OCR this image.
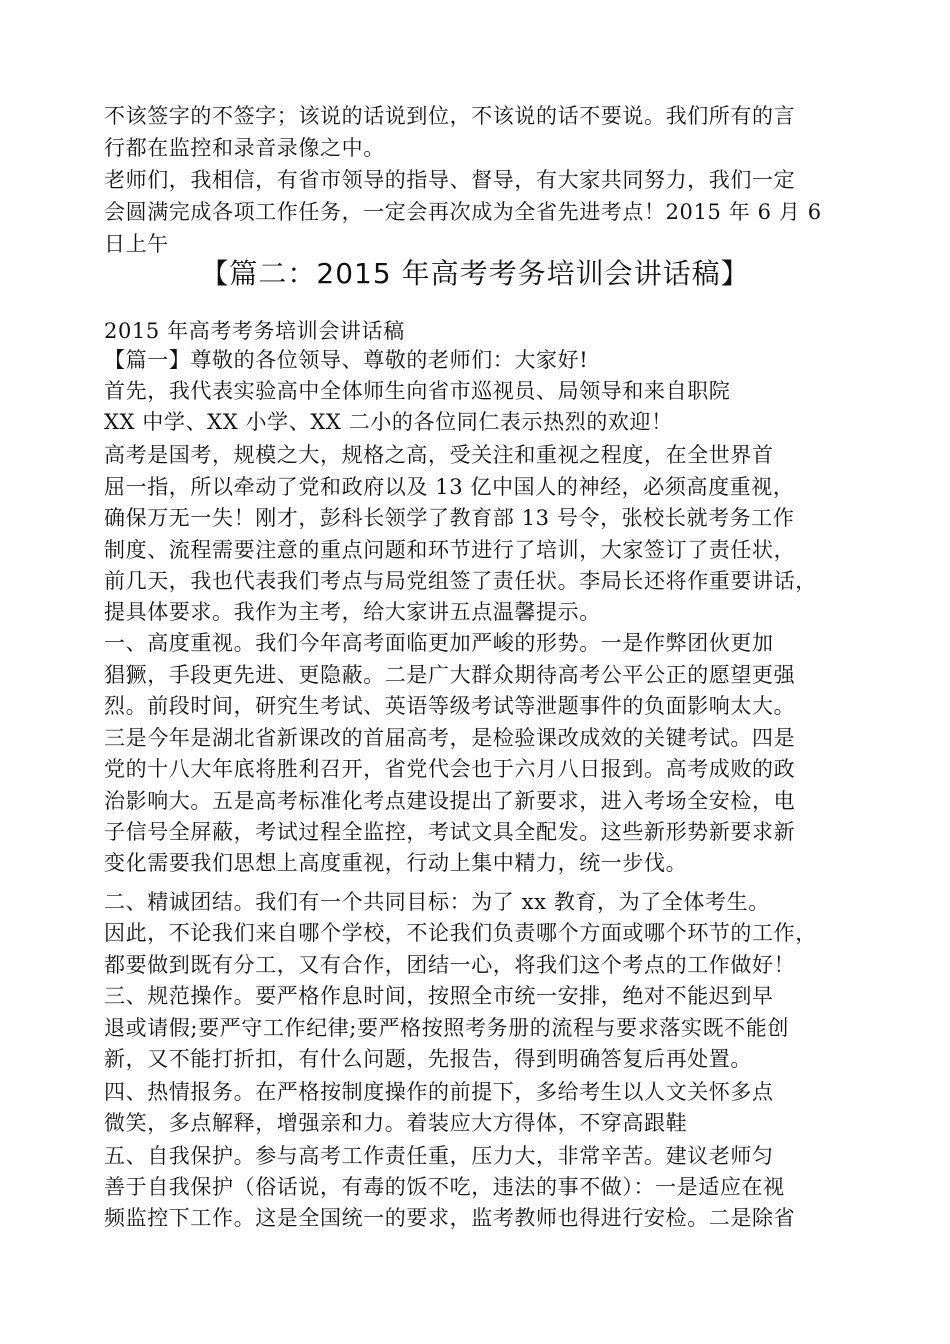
不该签字的不签字；该说的话说到位，不该说的话不要说。我们所有的言
行都在监控和录音录像之中。
老师们，我相信，有省市领导的指导、督导，有大家共同努力，我们一定
会圆满完成各项工作任务，一定会再次成为全省先进考点！2015 年 6 月 6
日上午
【篇二：2015 年高考考务培训会讲话稿】
2015 年高考考务培训会讲话稿
【篇一】尊敬的各位领导、尊敬的老师们：大家好!
首先，我代表实验高中全体师生向省市巡视员、局领导和来自职院
XX 中学、XX 小学、XX 二小的各位同仁表示热烈的欢迎！
高考是国考，规模之大，规格之高，受关注和重视之程度，在全世界首
屈一指，所以牵动了党和政府以及 13 亿中国人的神经，必须高度重视，
确保万无一失！刚才，彭科长领学了教育部 13 号令，张校长就考务工作
制度、流程需要注意的重点问题和环节进行了培训，大家签订了责任状，
前几天，我也代表我们考点与局党组签了责任状。李局长还将作重要讲话，
提具体要求。我作为主考，给大家讲五点温馨提示。
一、高度重视。我们今年高考面临更加严峻的形势。一是作弊团伙更加
猖獗，手段更先进、更隐蔽。二是广大群众期待高考公平公正的愿望更强
烈。前段时间，研究生考试、英语等级考试等泄题事件的负面影响太大。
三是今年是湖北省新课改的首届高考，是检验课改成效的关键考试。四是
党的十八大年底将胜利召开，省党代会也于六月八日报到。高考成败的政
治影响大。五是高考标准化考点建设提出了新要求，进入考场全安检，电
子信号全屏蔽，考试过程全监控，考试文具全配发。这些新形势新要求新
变化需要我们思想上高度重视，行动上集中精力，统一步伐。
二、精诚团结。我们有一个共同目标：为了 xx 教育，为了全体考生。
因此，不论我们来自哪个学校，不论我们负责哪个方面或哪个环节的工作，
都要做到既有分工，又有合作，团结一心，将我们这个考点的工作做好！
三、规范操作。要严格作息时间，按照全市统一安排，绝对不能迟到早
退或请假;要严守工作纪律;要严格按照考务册的流程与要求落实既不能创
新，又不能打折扣，有什么问题，先报告，得到明确答复后再处置。
四、热情报务。在严格按制度操作的前提下，多给考生以人文关怀多点
微笑，多点解释，增强亲和力。着装应大方得体，不穿高跟鞋
五、自我保护。参与高考工作责任重，压力大，非常辛苦。建议老师匀
善于自我保护（俗话说，有毒的饭不吃，违法的事不做）：一是适应在视
频监控下工作。这是全国统一的要求，监考教师也得进行安检。二是除省
